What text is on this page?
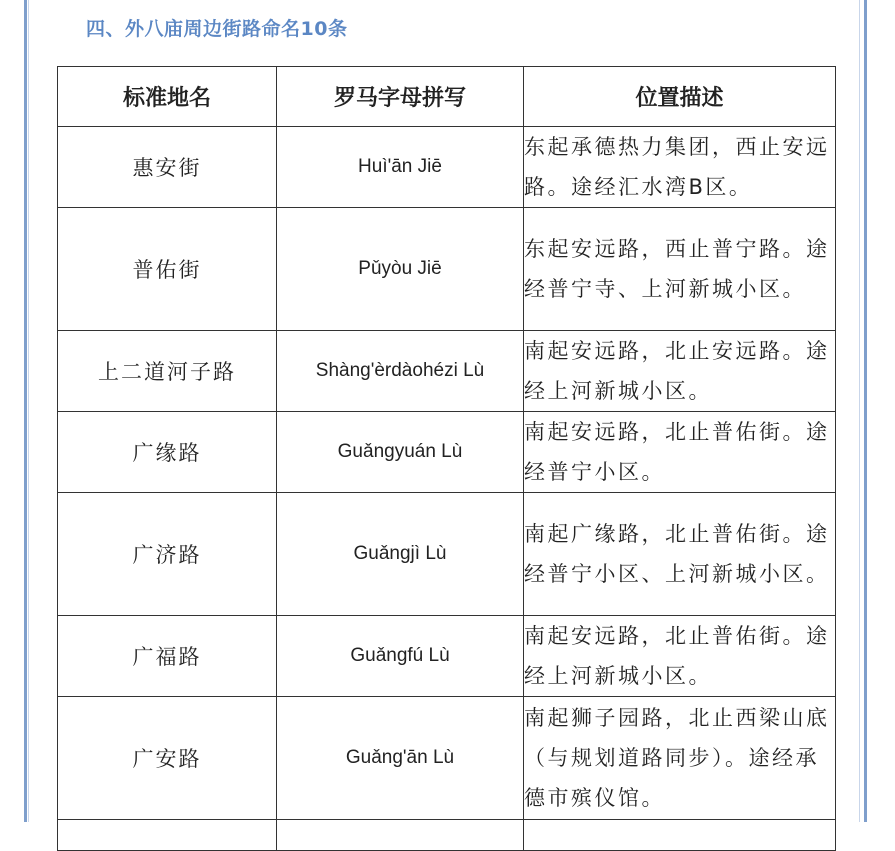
四、外八庙周边街路命名10条
标准地名	罗马字母拼写	位置描述
惠安街	Huì'ān Jiē	东起承德热力集团，西止安远路。途经汇水湾B区。
普佑街	Pǔyòu Jiē	东起安远路，西止普宁路。途经普宁寺、上河新城小区。
上二道河子路	Shàng'èrdàohézi Lù	南起安远路，北止安远路。途经上河新城小区。
广缘路	Guǎngyuán Lù	南起安远路，北止普佑街。途经普宁小区。
广济路	Guǎngjì Lù	南起广缘路，北止普佑街。途经普宁小区、上河新城小区。
广福路	Guǎngfú Lù	南起安远路，北止普佑街。途经上河新城小区。
广安路	Guǎng'ān Lù	南起狮子园路，北止西梁山底（与规划道路同步）。途经承德市殡仪馆。
